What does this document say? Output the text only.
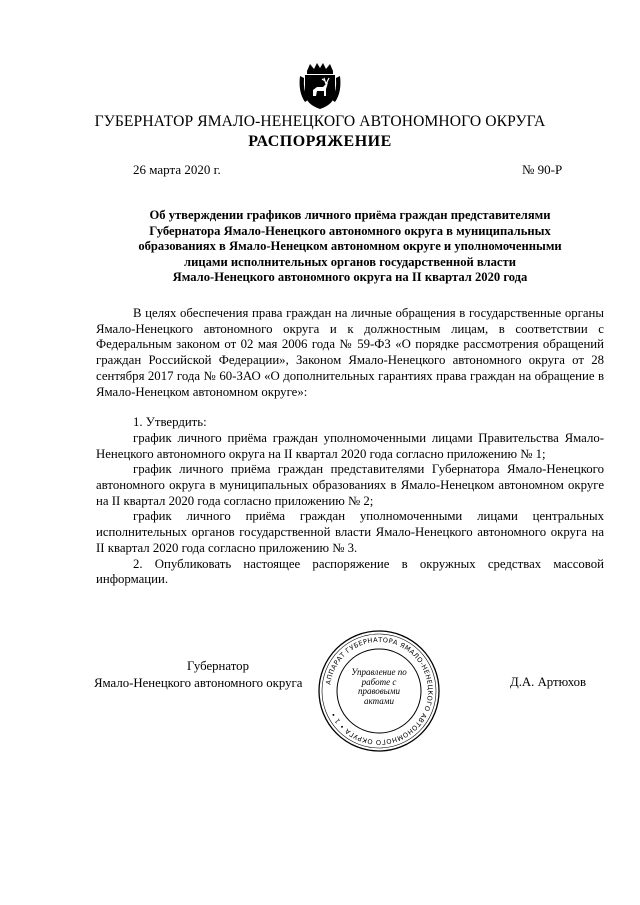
ГУБЕРНАТОР ЯМАЛО-НЕНЕЦКОГО АВТОНОМНОГО ОКРУГА
РАСПОРЯЖЕНИЕ
26 марта 2020 г.	№ 90-Р
Об утверждении графиков личного приёма граждан представителями
Губернатора Ямало-Ненецкого автономного округа в муниципальных
образованиях в Ямало-Ненецком автономном округе и уполномоченными
лицами исполнительных органов государственной власти
Ямало-Ненецкого автономного округа на II квартал 2020 года

В целях обеспечения права граждан на личные обращения в государственные органы Ямало-Ненецкого автономного округа и к должностным лицам, в соответствии с Федеральным законом от 02 мая 2006 года № 59-ФЗ «О порядке рассмотрения обращений граждан Российской Федерации», Законом Ямало-Ненецкого автономного округа от 28 сентября 2017 года № 60-ЗАО «О дополнительных гарантиях права граждан на обращение в Ямало-Ненецком автономном округе»:

1. Утвердить:

график личного приёма граждан уполномоченными лицами Правительства Ямало-Ненецкого автономного округа на II квартал 2020 года согласно приложению № 1;

график личного приёма граждан представителями Губернатора Ямало-Ненецкого автономного округа в муниципальных образованиях в Ямало-Ненецком автономном округе на II квартал 2020 года согласно приложению № 2;

график личного приёма граждан уполномоченными лицами центральных исполнительных органов государственной власти Ямало-Ненецкого автономного округа на II квартал 2020 года согласно приложению № 3.

2. Опубликовать настоящее распоряжение в окружных средствах массовой информации.

Губернатор
Ямало-Ненецкого автономного округа	Д.А. Артюхов
АППАРАТ ГУБЕРНАТОРА ЯМАЛО-НЕНЕЦКОГО АВТОНОМНОГО ОКРУГА • 1 •
Управление по работе с правовыми актами
